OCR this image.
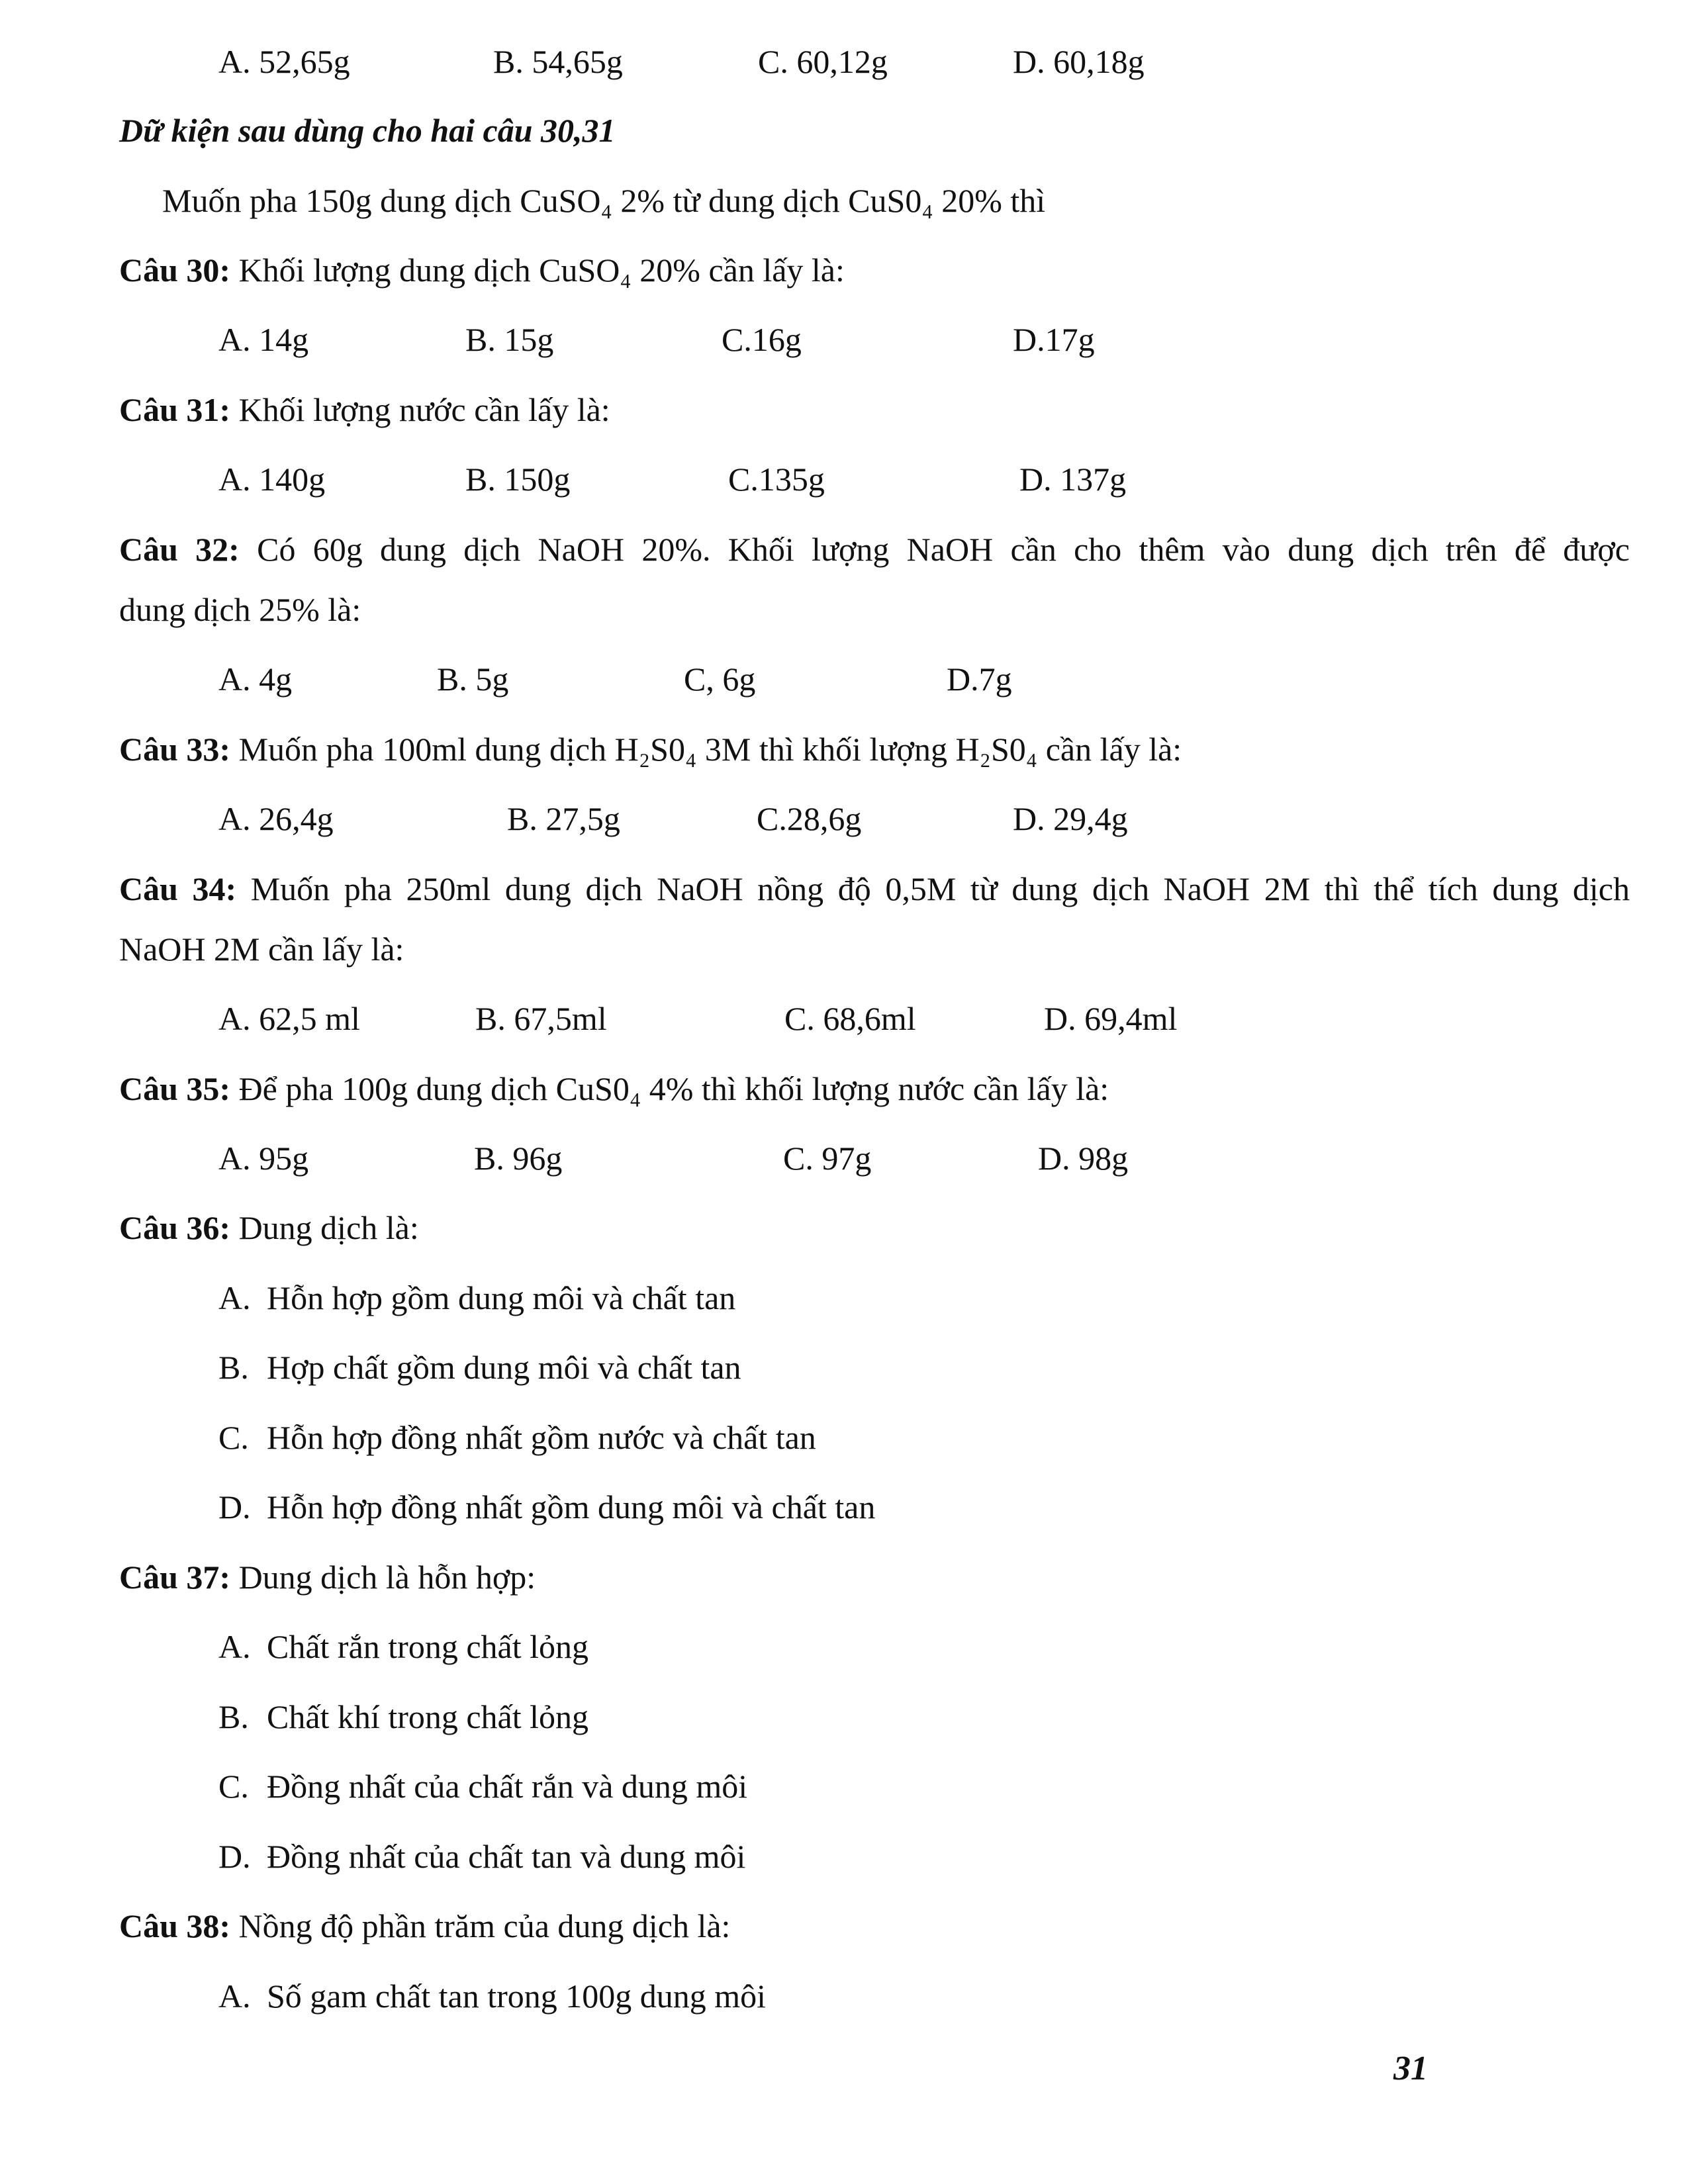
A. 52,65g	B. 54,65g	C. 60,12g	D. 60,18g
Dữ kiện sau dùng cho hai câu 30,31
Muốn pha 150g dung dịch CuSO₄ 2% từ dung dịch CuS0₄ 20% thì
Câu 30: Khối lượng dung dịch CuSO₄ 20% cần lấy là:
A. 14g	B. 15g	C.16g	D.17g
Câu 31: Khối lượng nước cần lấy là:
A. 140g	B. 150g	C.135g	D. 137g
Câu 32: Có 60g dung dịch NaOH 20%. Khối lượng NaOH cần cho thêm vào dung dịch trên để được
dung dịch 25% là:
A. 4g	B. 5g	C, 6g	D.7g
Câu 33: Muốn pha 100ml dung dịch H₂S0₄ 3M thì khối lượng H₂S0₄ cần lấy là:
A. 26,4g	B. 27,5g	C.28,6g	D. 29,4g
Câu 34: Muốn pha 250ml dung dịch NaOH nồng độ 0,5M từ dung dịch NaOH 2M thì thể tích dung dịch
NaOH 2M cần lấy là:
A. 62,5 ml	B. 67,5ml	C. 68,6ml	D. 69,4ml
Câu 35: Để pha 100g dung dịch CuS0₄ 4% thì khối lượng nước cần lấy là:
A. 95g	B. 96g	C. 97g	D. 98g
Câu 36: Dung dịch là:
A. Hỗn hợp gồm dung môi và chất tan
B. Hợp chất gồm dung môi và chất tan
C. Hỗn hợp đồng nhất gồm nước và chất tan
D. Hỗn hợp đồng nhất gồm dung môi và chất tan
Câu 37: Dung dịch là hỗn hợp:
A. Chất rắn trong chất lỏng
B. Chất khí trong chất lỏng
C. Đồng nhất của chất rắn và dung môi
D. Đồng nhất của chất tan và dung môi
Câu 38: Nồng độ phần trăm của dung dịch là:
A. Số gam chất tan trong 100g dung môi
31
